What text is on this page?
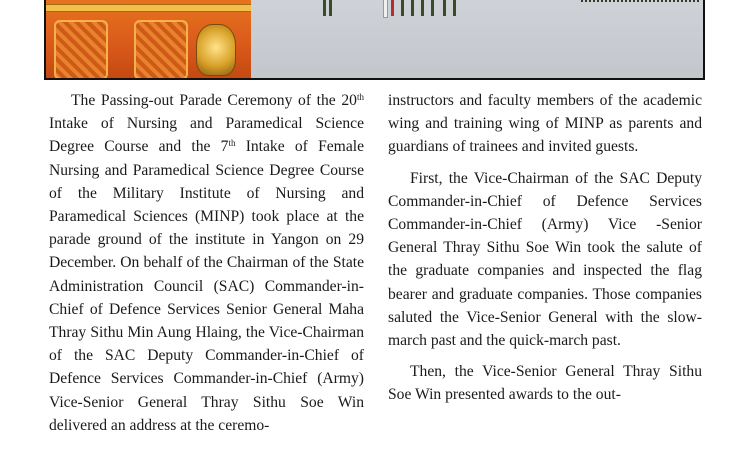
The Passing-out Parade Ceremony of the 20th Intake of Nursing and Paramedical Science Degree Course and the 7th Intake of Female Nursing and Paramedical Science Degree Course of the Military Institute of Nursing and Paramedical Sciences (MINP) took place at the parade ground of the institute in Yangon on 29 December. On behalf of the Chairman of the State Administration Council (SAC) Commander-in-Chief of Defence Services Senior General Maha Thray Sithu Min Aung Hlaing, the Vice-Chairman of the SAC Deputy Commander-in-Chief of Defence Services Commander-in-Chief (Army) Vice-Senior General Thray Sithu Soe Win delivered an address at the ceremo-

instructors and faculty members of the academic wing and training wing of MINP as parents and guardians of trainees and invited guests.

First, the Vice-Chairman of the SAC Deputy Commander-in-Chief of Defence Services Commander-in-Chief (Army) Vice -Senior General Thray Sithu Soe Win took the salute of the graduate companies and inspected the flag bearer and graduate companies. Those companies saluted the Vice-Senior General with the slow-march past and the quick-march past.

Then, the Vice-Senior General Thray Sithu Soe Win presented awards to the out-
